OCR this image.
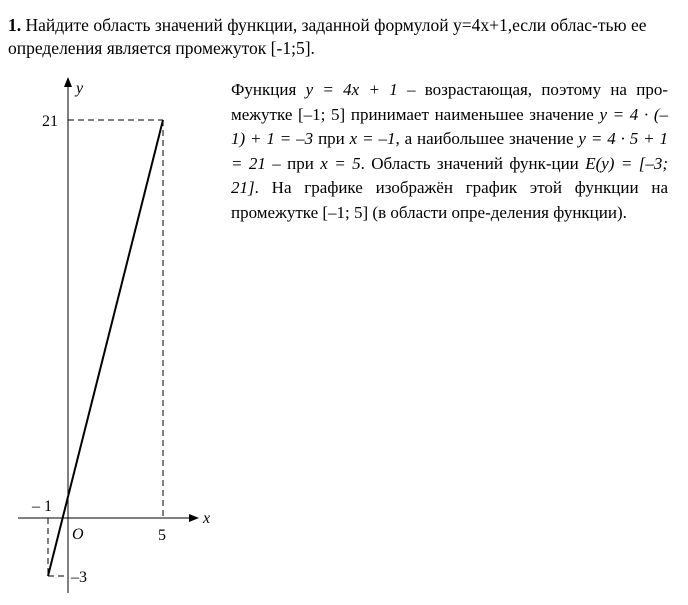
1. Найдите область значений функции, заданной формулой y=4x+1,если облас-тью ее определения является промежуток [-1;5].
y
x
O
– 1
5
21
–3
Функция y = 4x + 1 – возрастающая, поэтому на про-межутке [–1; 5] принимает наименьшее значение y = 4 · (–1) + 1 = –3 при x = –1, а наибольшее значение y = 4 · 5 + 1 = 21 – при x = 5. Область значений функ-ции E(y) = [–3; 21]. На графике изображён график этой функции на промежутке [–1; 5] (в области опре-деления функции).
